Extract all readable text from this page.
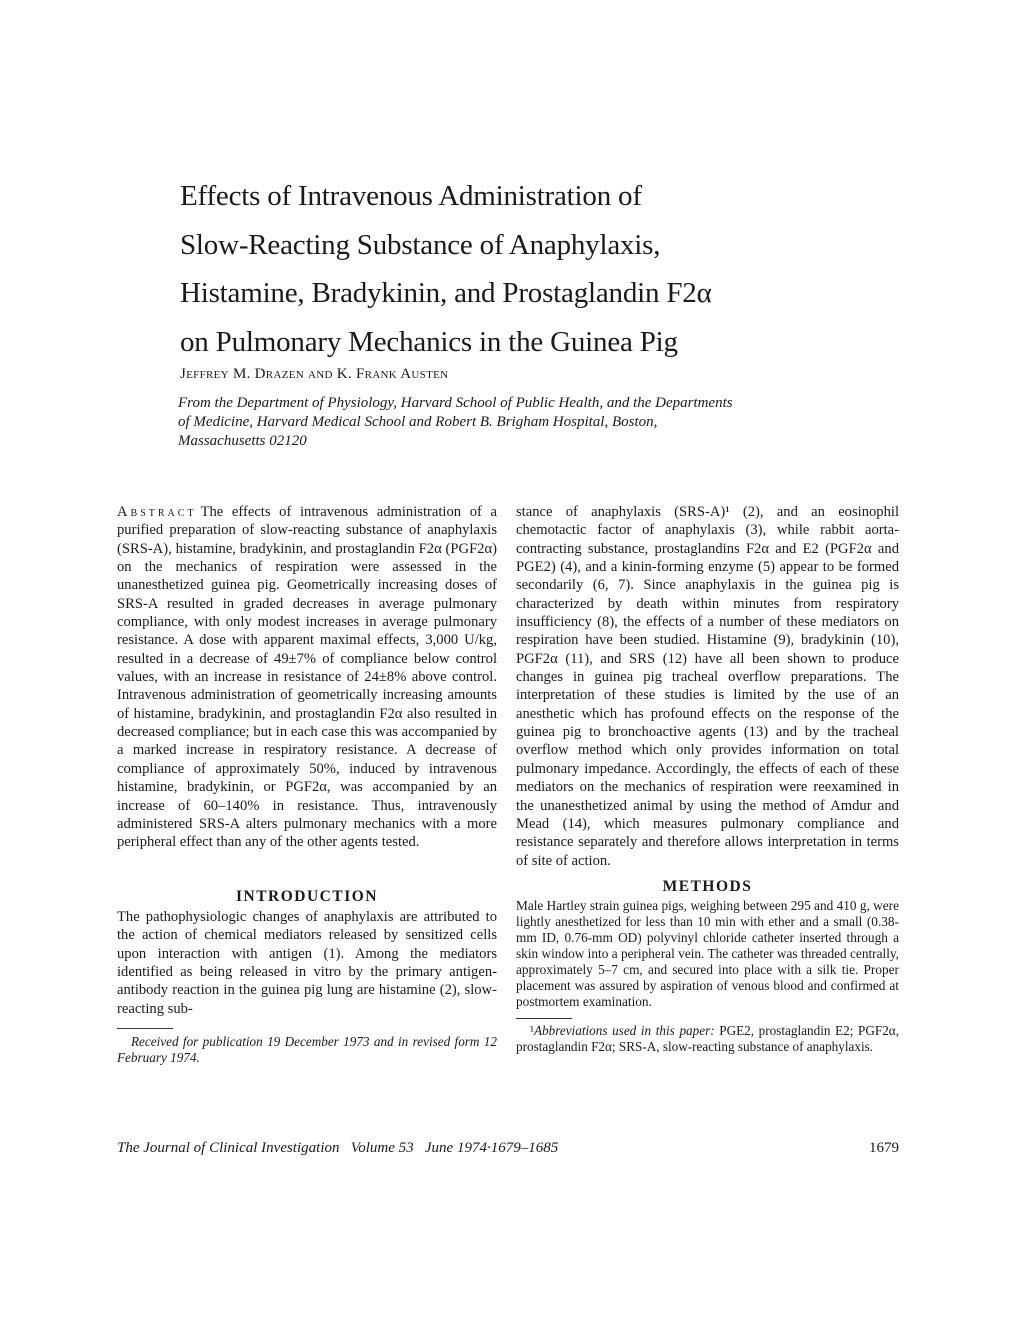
Effects of Intravenous Administration of
Slow-Reacting Substance of Anaphylaxis,
Histamine, Bradykinin, and Prostaglandin F2α
on Pulmonary Mechanics in the Guinea Pig
Jeffrey M. Drazen and K. Frank Austen
From the Department of Physiology, Harvard School of Public Health, and the Departments of Medicine, Harvard Medical School and Robert B. Brigham Hospital, Boston, Massachusetts 02120

Abstract The effects of intravenous administration of a purified preparation of slow-reacting substance of anaphylaxis (SRS-A), histamine, bradykinin, and prostaglandin F2α (PGF2α) on the mechanics of respiration were assessed in the unanesthetized guinea pig. Geometrically increasing doses of SRS-A resulted in graded decreases in average pulmonary compliance, with only modest increases in average pulmonary resistance. A dose with apparent maximal effects, 3,000 U/kg, resulted in a decrease of 49±7% of compliance below control values, with an increase in resistance of 24±8% above control. Intravenous administration of geometrically increasing amounts of histamine, bradykinin, and prostaglandin F2α also resulted in decreased compliance; but in each case this was accompanied by a marked increase in respiratory resistance. A decrease of compliance of approximately 50%, induced by intravenous histamine, bradykinin, or PGF2α, was accompanied by an increase of 60–140% in resistance. Thus, intravenously administered SRS-A alters pulmonary mechanics with a more peripheral effect than any of the other agents tested.

INTRODUCTION

The pathophysiologic changes of anaphylaxis are attributed to the action of chemical mediators released by sensitized cells upon interaction with antigen (1). Among the mediators identified as being released in vitro by the primary antigen-antibody reaction in the guinea pig lung are histamine (2), slow-reacting sub-

Received for publication 19 December 1973 and in revised form 12 February 1974.

stance of anaphylaxis (SRS-A)¹ (2), and an eosinophil chemotactic factor of anaphylaxis (3), while rabbit aorta-contracting substance, prostaglandins F2α and E2 (PGF2α and PGE2) (4), and a kinin-forming enzyme (5) appear to be formed secondarily (6, 7). Since anaphylaxis in the guinea pig is characterized by death within minutes from respiratory insufficiency (8), the effects of a number of these mediators on respiration have been studied. Histamine (9), bradykinin (10), PGF2α (11), and SRS (12) have all been shown to produce changes in guinea pig tracheal overflow preparations. The interpretation of these studies is limited by the use of an anesthetic which has profound effects on the response of the guinea pig to bronchoactive agents (13) and by the tracheal overflow method which only provides information on total pulmonary impedance. Accordingly, the effects of each of these mediators on the mechanics of respiration were reexamined in the unanesthetized animal by using the method of Amdur and Mead (14), which measures pulmonary compliance and resistance separately and therefore allows interpretation in terms of site of action.

METHODS

Male Hartley strain guinea pigs, weighing between 295 and 410 g, were lightly anesthetized for less than 10 min with ether and a small (0.38-mm ID, 0.76-mm OD) polyvinyl chloride catheter inserted through a skin window into a peripheral vein. The catheter was threaded centrally, approximately 5–7 cm, and secured into place with a silk tie. Proper placement was assured by aspiration of venous blood and confirmed at postmortem examination.

¹Abbreviations used in this paper: PGE2, prostaglandin E2; PGF2α, prostaglandin F2α; SRS-A, slow-reacting substance of anaphylaxis.

The Journal of Clinical Investigation   Volume 53   June 1974·1679–1685	1679
